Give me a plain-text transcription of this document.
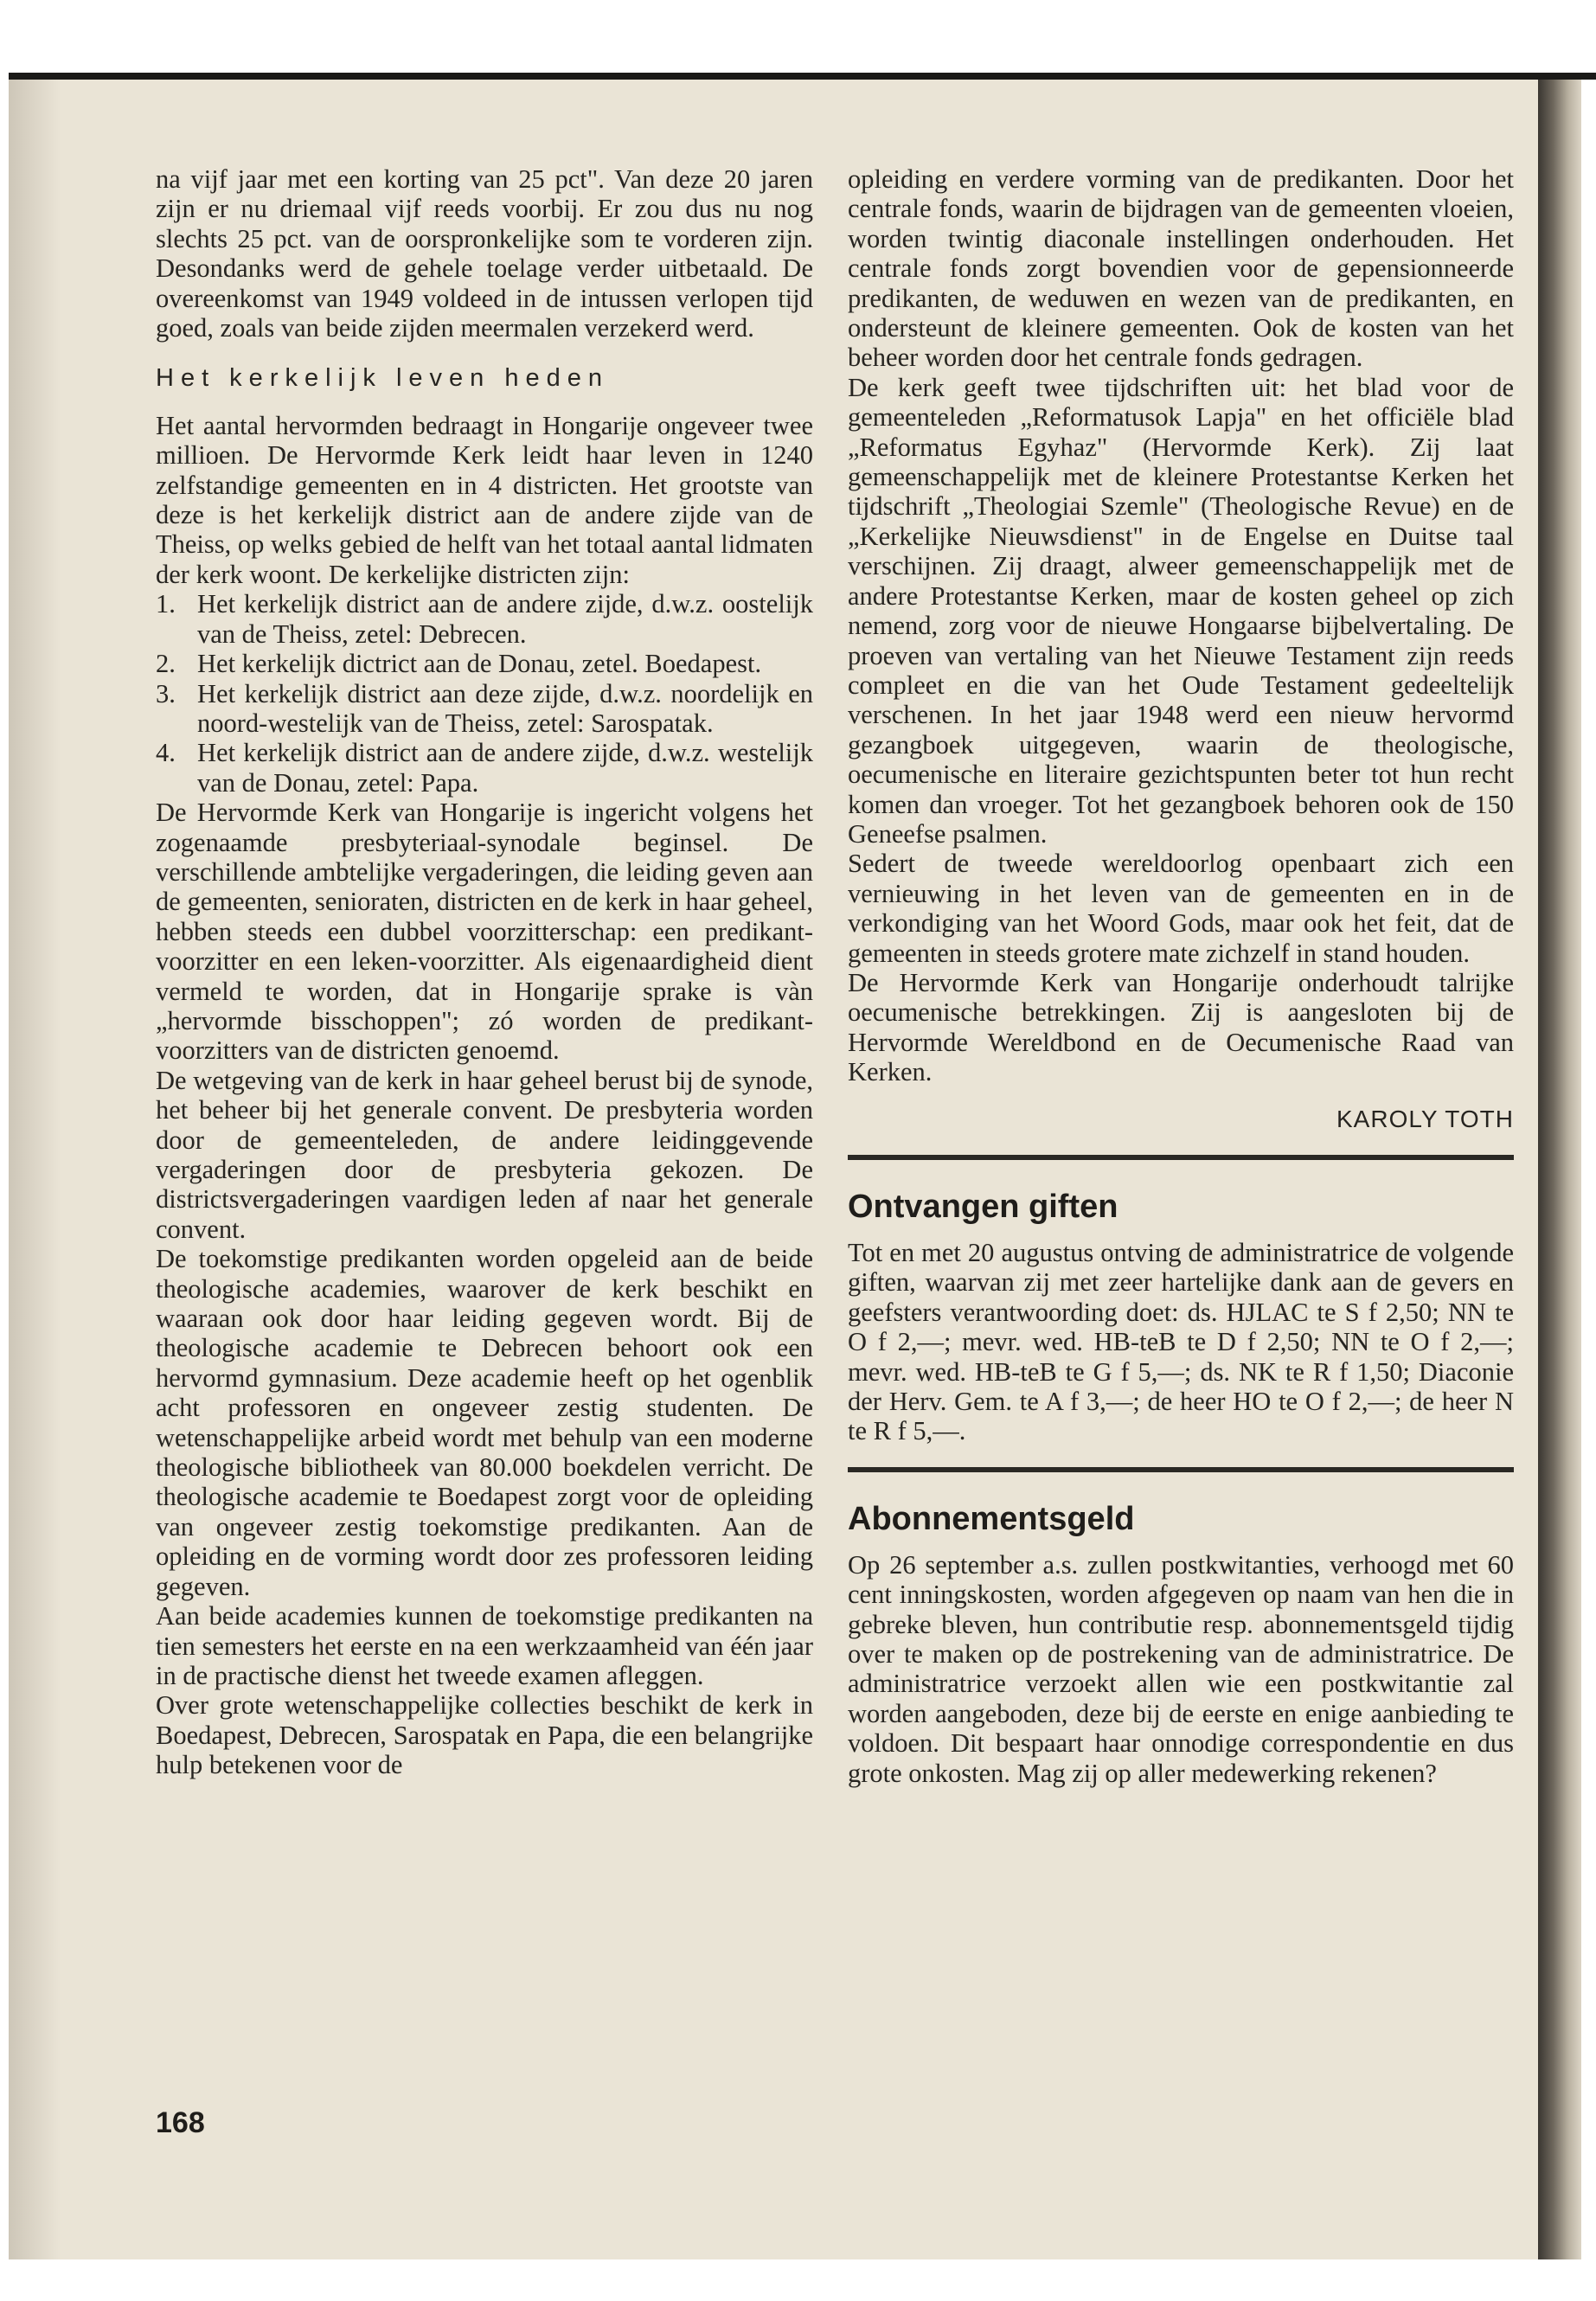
na vijf jaar met een korting van 25 pct". Van deze 20 jaren zijn er nu driemaal vijf reeds voorbij. Er zou dus nu nog slechts 25 pct. van de oorspronkelijke som te vorderen zijn. Desondanks werd de gehele toelage verder uitbetaald. De overeenkomst van 1949 voldeed in de intussen verlopen tijd goed, zoals van beide zijden meermalen verzekerd werd.

Het kerkelijk leven heden

Het aantal hervormden bedraagt in Hongarije ongeveer twee millioen. De Hervormde Kerk leidt haar leven in 1240 zelfstandige gemeenten en in 4 districten. Het grootste van deze is het kerkelijk district aan de andere zijde van de Theiss, op welks gebied de helft van het totaal aantal lidmaten der kerk woont. De kerkelijke districten zijn:

1. Het kerkelijk district aan de andere zijde, d.w.z. oostelijk van de Theiss, zetel: Debrecen.
2. Het kerkelijk dictrict aan de Donau, zetel. Boedapest.
3. Het kerkelijk district aan deze zijde, d.w.z. noordelijk en noord-westelijk van de Theiss, zetel: Sarospatak.
4. Het kerkelijk district aan de andere zijde, d.w.z. westelijk van de Donau, zetel: Papa.

De Hervormde Kerk van Hongarije is ingericht volgens het zogenaamde presbyteriaal-synodale beginsel. De verschillende ambtelijke vergaderingen, die leiding geven aan de gemeenten, senioraten, districten en de kerk in haar geheel, hebben steeds een dubbel voorzitterschap: een predikant-voorzitter en een leken-voorzitter. Als eigenaardigheid dient vermeld te worden, dat in Hongarije sprake is vàn „hervormde bisschoppen"; zó worden de predikant-voorzitters van de districten genoemd.

De wetgeving van de kerk in haar geheel berust bij de synode, het beheer bij het generale convent. De presbyteria worden door de gemeenteleden, de andere leidinggevende vergaderingen door de presbyteria gekozen. De districtsvergaderingen vaardigen leden af naar het generale convent.

De toekomstige predikanten worden opgeleid aan de beide theologische academies, waarover de kerk beschikt en waaraan ook door haar leiding gegeven wordt. Bij de theologische academie te Debrecen behoort ook een hervormd gymnasium. Deze academie heeft op het ogenblik acht professoren en ongeveer zestig studenten. De wetenschappelijke arbeid wordt met behulp van een moderne theologische bibliotheek van 80.000 boekdelen verricht. De theologische academie te Boedapest zorgt voor de opleiding van ongeveer zestig toekomstige predikanten. Aan de opleiding en de vorming wordt door zes professoren leiding gegeven.

Aan beide academies kunnen de toekomstige predikanten na tien semesters het eerste en na een werkzaamheid van één jaar in de practische dienst het tweede examen afleggen.

Over grote wetenschappelijke collecties beschikt de kerk in Boedapest, Debrecen, Sarospatak en Papa, die een belangrijke hulp betekenen voor de

168

opleiding en verdere vorming van de predikanten. Door het centrale fonds, waarin de bijdragen van de gemeenten vloeien, worden twintig diaconale instellingen onderhouden. Het centrale fonds zorgt bovendien voor de gepensionneerde predikanten, de weduwen en wezen van de predikanten, en ondersteunt de kleinere gemeenten. Ook de kosten van het beheer worden door het centrale fonds gedragen.

De kerk geeft twee tijdschriften uit: het blad voor de gemeenteleden „Reformatusok Lapja" en het officiële blad „Reformatus Egyhaz" (Hervormde Kerk). Zij laat gemeenschappelijk met de kleinere Protestantse Kerken het tijdschrift „Theologiai Szemle" (Theologische Revue) en de „Kerkelijke Nieuwsdienst" in de Engelse en Duitse taal verschijnen. Zij draagt, alweer gemeenschappelijk met de andere Protestantse Kerken, maar de kosten geheel op zich nemend, zorg voor de nieuwe Hongaarse bijbelvertaling. De proeven van vertaling van het Nieuwe Testament zijn reeds compleet en die van het Oude Testament gedeeltelijk verschenen. In het jaar 1948 werd een nieuw hervormd gezangboek uitgegeven, waarin de theologische, oecumenische en literaire gezichtspunten beter tot hun recht komen dan vroeger. Tot het gezangboek behoren ook de 150 Geneefse psalmen.

Sedert de tweede wereldoorlog openbaart zich een vernieuwing in het leven van de gemeenten en in de verkondiging van het Woord Gods, maar ook het feit, dat de gemeenten in steeds grotere mate zichzelf in stand houden.

De Hervormde Kerk van Hongarije onderhoudt talrijke oecumenische betrekkingen. Zij is aangesloten bij de Hervormde Wereldbond en de Oecumenische Raad van Kerken.

KAROLY TOTH

Ontvangen giften

Tot en met 20 augustus ontving de administratrice de volgende giften, waarvan zij met zeer hartelijke dank aan de gevers en geefsters verantwoording doet: ds. HJLAC te S f 2,50; NN te O f 2,—; mevr. wed. HB-teB te D f 2,50; NN te O f 2,—; mevr. wed. HB-teB te G f 5,—; ds. NK te R f 1,50; Diaconie der Herv. Gem. te A f 3,—; de heer HO te O f 2,—; de heer N te R f 5,—.

Abonnementsgeld

Op 26 september a.s. zullen postkwitanties, verhoogd met 60 cent inningskosten, worden afgegeven op naam van hen die in gebreke bleven, hun contributie resp. abonnementsgeld tijdig over te maken op de postrekening van de administratrice. De administratrice verzoekt allen wie een postkwitantie zal worden aangeboden, deze bij de eerste en enige aanbieding te voldoen. Dit bespaart haar onnodige correspondentie en dus grote onkosten. Mag zij op aller medewerking rekenen?
